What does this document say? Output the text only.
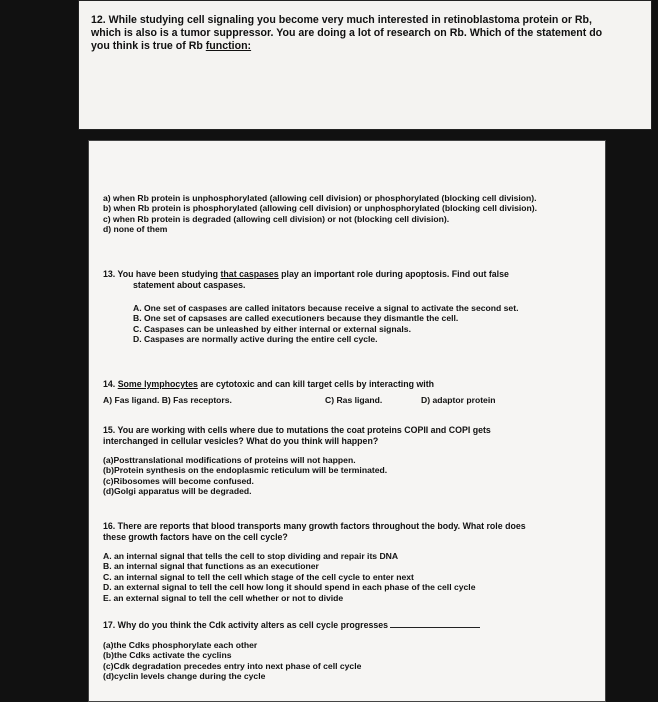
12. While studying cell signaling you become very much interested in retinoblastoma protein or Rb,
which is also is a tumor suppressor. You are doing a lot of research on Rb. Which of the statement do
you think is true of Rb function:
a) when Rb protein is unphosphorylated (allowing cell division) or phosphorylated (blocking cell division).
b) when Rb protein is phosphorylated (allowing cell division) or unphosphorylated (blocking cell division).
c) when Rb protein is degraded (allowing cell division) or not (blocking cell division).
d) none of them
13. You have been studying that caspases play an important role during apoptosis. Find out false
statement about caspases.
A. One set of caspases are called initators because receive a signal to activate the second set.
B. One set of capsases are called executioners because they dismantle the cell.
C. Caspases can be unleashed by either internal or external signals.
D. Caspases are normally active during the entire cell cycle.
14. Some lymphocytes are cytotoxic and can kill target cells by interacting with
A) Fas ligand. B) Fas receptors.	C) Ras ligand.	D) adaptor protein
15. You are working with cells where due to mutations the coat proteins COPII and COPI gets
interchanged in cellular vesicles? What do you think will happen?
(a)Posttranslational modifications of proteins will not happen.
(b)Protein synthesis on the endoplasmic reticulum will be terminated.
(c)Ribosomes will become confused.
(d)Golgi apparatus will be degraded.
16. There are reports that blood transports many growth factors throughout the body. What role does
these growth factors have on the cell cycle?
A. an internal signal that tells the cell to stop dividing and repair its DNA
B. an internal signal that functions as an executioner
C. an internal signal to tell the cell which stage of the cell cycle to enter next
D. an external signal to tell the cell how long it should spend in each phase of the cell cycle
E. an external signal to tell the cell whether or not to divide
17. Why do you think the Cdk activity alters as cell cycle progresses
(a)the Cdks phosphorylate each other
(b)the Cdks activate the cyclins
(c)Cdk degradation precedes entry into next phase of cell cycle
(d)cyclin levels change during the cycle
